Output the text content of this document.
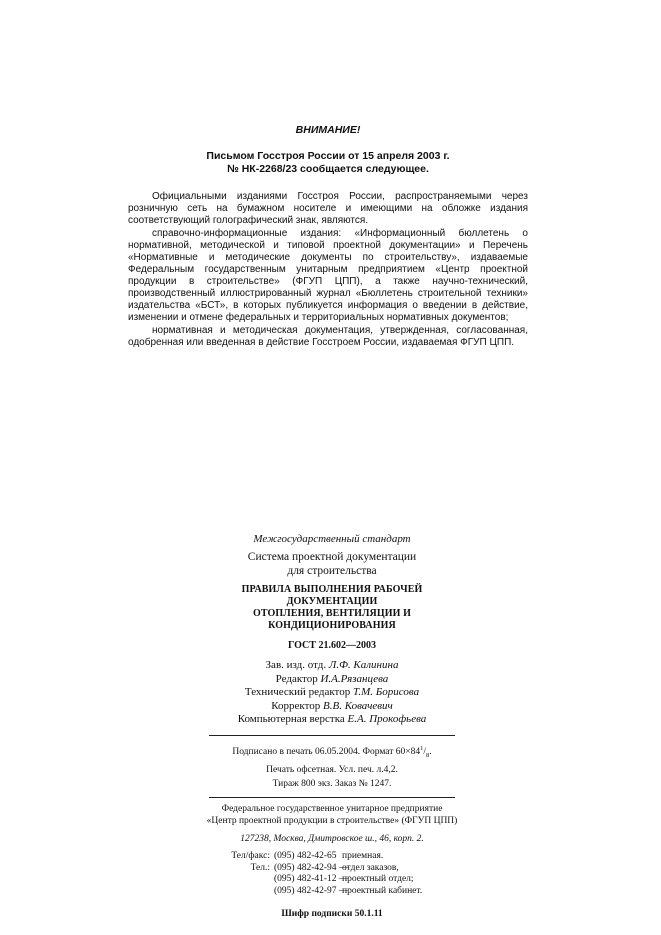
ВНИМАНИЕ!
Письмом Госстроя России от 15 апреля 2003 г.
№ НК-2268/23 сообщается следующее.

Официальными изданиями Госстроя России, распространяемыми через розничную сеть на бумажном носителе и имеющими на обложке издания соответствующий голографический знак, являются.

справочно-информационные издания: «Информационный бюллетень о нормативной, методической и типовой проектной документации» и Перечень «Нормативные и методические документы по строительству», издаваемые Федеральным государственным унитарным предприятием «Центр проектной продукции в строительстве» (ФГУП ЦПП), а также научно-технический, производственный иллюстрированный журнал «Бюллетень строительной техники» издательства «БСТ», в которых публикуется информация о введении в действие, изменении и отмене федеральных и территориальных нормативных документов;

нормативная и методическая документация, утвержденная, согласованная, одобренная или введенная в действие Госстроем России, издаваемая ФГУП ЦПП.

Межгосударственный стандарт
Система проектной документации
для строительства
ПРАВИЛА ВЫПОЛНЕНИЯ РАБОЧЕЙ ДОКУМЕНТАЦИИ
ОТОПЛЕНИЯ, ВЕНТИЛЯЦИИ И КОНДИЦИОНИРОВАНИЯ
ГОСТ 21.602—2003
Зав. изд. отд. Л.Ф. Калинина
Редактор И.А.Рязанцева
Технический редактор Т.М. Борисова
Корректор В.В. Ковачевич
Компьютерная верстка Е.А. Прокофьева
Подписано в печать 06.05.2004. Формат $60\times 84^1/_8$.
Печать офсетная. Усл. печ. л.4,2.
Тираж 800 экз. Заказ № 1247.
Федеральное государственное унитарное предприятие
«Центр проектной продукции в строительстве» (ФГУП ЦПП)
127238, Москва, Дмитровское ш., 46, корп. 2.
Тел/факс: (095) 482-42-65 приемная.
Тел.: (095) 482-42-94 —
отдел заказов,
(095) 482-41-12 —
проектный отдел;
(095) 482-42-97 —
проектный кабинет.
Шифр подписки 50.1.11
